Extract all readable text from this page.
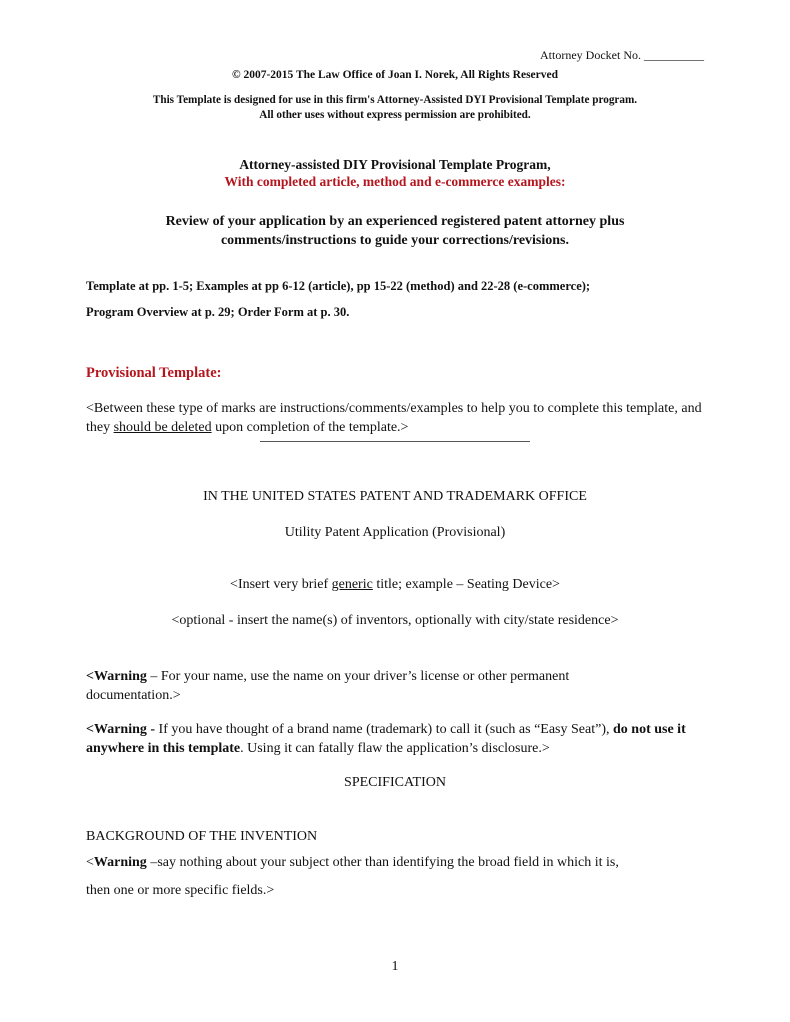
Attorney Docket No. __________
© 2007-2015 The Law Office of Joan I. Norek, All Rights Reserved
This Template is designed for use in this firm's Attorney-Assisted DYI Provisional Template program.
All other uses without express permission are prohibited.
Attorney-assisted DIY Provisional Template Program,
With completed article, method and e-commerce examples:
Review of your application by an experienced registered patent attorney plus
comments/instructions to guide your corrections/revisions.
Template at pp. 1-5; Examples at pp 6-12 (article), pp 15-22 (method) and 22-28 (e-commerce);
Program Overview at p. 29; Order Form at p. 30.
Provisional Template:
<Between these type of marks are instructions/comments/examples to help you to complete this template, and they should be deleted upon completion of the template.>
IN THE UNITED STATES PATENT AND TRADEMARK OFFICE
Utility Patent Application (Provisional)
<Insert very brief generic title; example – Seating Device>
<optional - insert the name(s) of inventors, optionally with city/state residence>
<Warning – For your name, use the name on your driver’s license or other permanent documentation.>
<Warning - If you have thought of a brand name (trademark) to call it (such as “Easy Seat”), do not use it anywhere in this template. Using it can fatally flaw the application’s disclosure.>
SPECIFICATION
BACKGROUND OF THE INVENTION
<Warning –say nothing about your subject other than identifying the broad field in which it is,
then one or more specific fields.>
1
